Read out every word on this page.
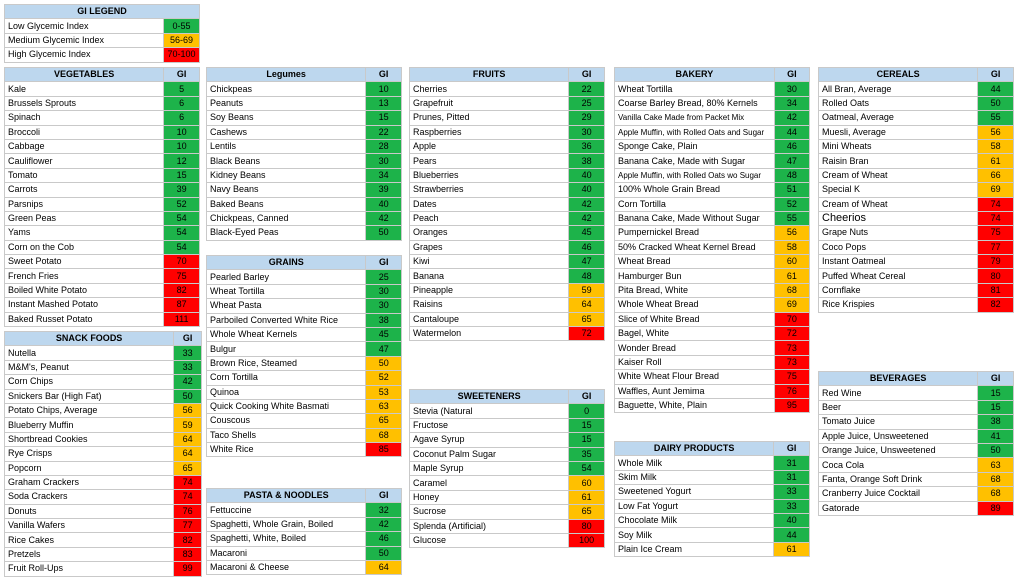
GI LEGEND	
Low Glycemic Index	0-55
Medium Glycemic Index	56-69
High Glycemic Index	70-100
VEGETABLES	GI
Kale	5
Brussels Sprouts	6
Spinach	6
Broccoli	10
Cabbage	10
Cauliflower	12
Tomato	15
Carrots	39
Parsnips	52
Green Peas	54
Yams	54
Corn on the Cob	54
Sweet Potato	70
French Fries	75
Boiled White Potato	82
Instant Mashed Potato	87
Baked Russet Potato	111
SNACK FOODS	GI
Nutella	33
M&M's, Peanut	33
Corn Chips	42
Snickers Bar (High Fat)	50
Potato Chips, Average	56
Blueberry Muffin	59
Shortbread Cookies	64
Rye Crisps	64
Popcorn	65
Graham Crackers	74
Soda Crackers	74
Donuts	76
Vanilla Wafers	77
Rice Cakes	82
Pretzels	83
Fruit Roll-Ups	99
Legumes	GI
Chickpeas	10
Peanuts	13
Soy Beans	15
Cashews	22
Lentils	28
Black Beans	30
Kidney Beans	34
Navy Beans	39
Baked Beans	40
Chickpeas, Canned	42
Black-Eyed Peas	50
GRAINS	GI
Pearled Barley	25
Wheat Tortilla	30
Wheat Pasta	30
Parboiled Converted White Rice	38
Whole Wheat Kernels	45
Bulgur	47
Brown Rice, Steamed	50
Corn Tortilla	52
Quinoa	53
Quick Cooking White Basmati	63
Couscous	65
Taco Shells	68
White Rice	85
PASTA & NOODLES	GI
Fettuccine	32
Spaghetti, Whole Grain, Boiled	42
Spaghetti, White, Boiled	46
Macaroni	50
Macaroni & Cheese	64
FRUITS	GI
Cherries	22
Grapefruit	25
Prunes, Pitted	29
Raspberries	30
Apple	36
Pears	38
Blueberries	40
Strawberries	40
Dates	42
Peach	42
Oranges	45
Grapes	46
Kiwi	47
Banana	48
Pineapple	59
Raisins	64
Cantaloupe	65
Watermelon	72
SWEETENERS	GI
Stevia (Natural	0
Fructose	15
Agave Syrup	15
Coconut Palm Sugar	35
Maple Syrup	54
Caramel	60
Honey	61
Sucrose	65
Splenda (Artificial)	80
Glucose	100
BAKERY	GI
Wheat Tortilla	30
Coarse Barley Bread, 80% Kernels	34
Vanilla Cake Made from Packet Mix	42
Apple Muffin, with Rolled Oats and Sugar	44
Sponge Cake, Plain	46
Banana Cake, Made with Sugar	47
Apple Muffin, with Rolled Oats wo Sugar	48
100% Whole Grain Bread	51
Corn Tortilla	52
Banana Cake, Made Without Sugar	55
Pumpernickel Bread	56
50% Cracked Wheat Kernel Bread	58
Wheat Bread	60
Hamburger Bun	61
Pita Bread, White	68
Whole Wheat Bread	69
Slice of White Bread	70
Bagel, White	72
Wonder Bread	73
Kaiser Roll	73
White Wheat Flour Bread	75
Waffles, Aunt Jemima	76
Baguette, White, Plain	95
DAIRY PRODUCTS	GI
Whole Milk	31
Skim Milk	31
Sweetened Yogurt	33
Low Fat Yogurt	33
Chocolate Milk	40
Soy Milk	44
Plain Ice Cream	61
CEREALS	GI
All Bran, Average	44
Rolled Oats	50
Oatmeal, Average	55
Muesli, Average	56
Mini Wheats	58
Raisin Bran	61
Cream of Wheat	66
Special K	69
Cream of Wheat	74
Cheerios	74
Grape Nuts	75
Coco Pops	77
Instant Oatmeal	79
Puffed Wheat Cereal	80
Cornflake	81
Rice Krispies	82
BEVERAGES	GI
Red Wine	15
Beer	15
Tomato Juice	38
Apple Juice, Unsweetened	41
Orange Juice, Unsweetened	50
Coca Cola	63
Fanta, Orange Soft Drink	68
Cranberry Juice Cocktail	68
Gatorade	89
